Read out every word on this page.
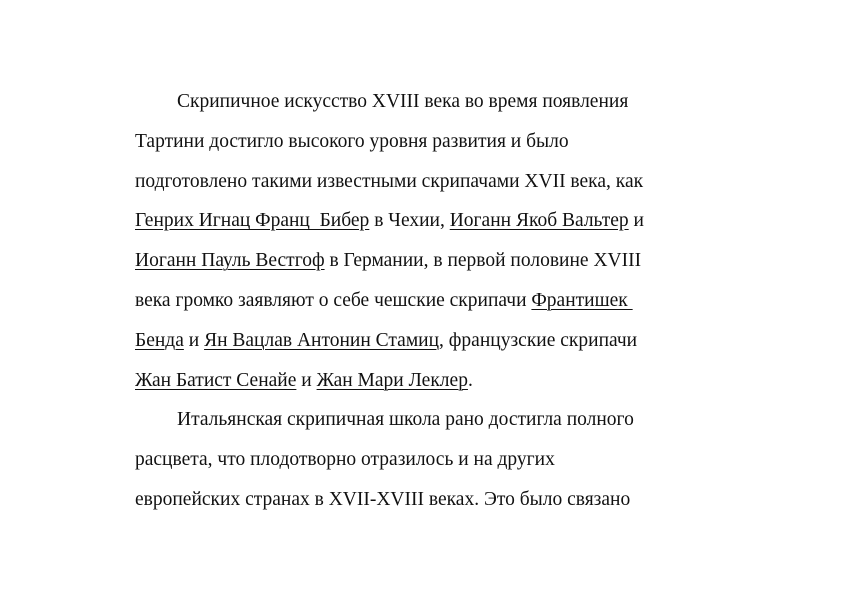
Скрипичное искусство XVIII века во время появления
Тартини достигло высокого уровня развития и было
подготовлено такими известными скрипачами XVII века, как
Генрих Игнац Франц  Бибер в Чехии, Иоганн Якоб Вальтер и
Иоганн Пауль Вестгоф в Германии, в первой половине XVIII
века громко заявляют о себе чешские скрипачи Франтишек
Бенда и Ян Вацлав Антонин Стамиц, французские скрипачи
Жан Батист Сенайе и Жан Мари Леклер.
Итальянская скрипичная школа рано достигла полного
расцвета, что плодотворно отразилось и на других
европейских странах в XVII-XVIII веках. Это было связано
